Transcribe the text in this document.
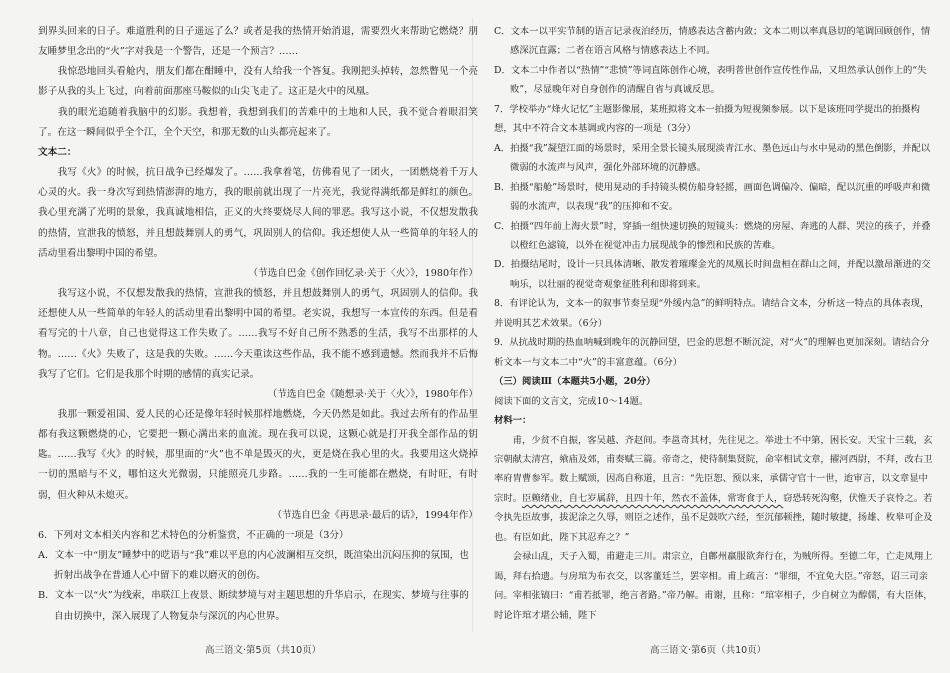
到界头回来的日子。难道胜利的日子遥远了么？或者是我的热情开始消退，需要烈火来帮助它燃烧？朋友睡梦里念出的“火”字对我是一个警告，还是一个预言？……

　　我惊恐地回头看舱内，朋友们都在酣睡中，没有人给我一个答复。我刚把头掉转，忽然瞥见一个亮影子从我的头上飞过，向着前面那座马鞍似的山尖飞走了。这正是火中的凤凰。

　　我的眼光追随着我脑中的幻影。我想着，我想到我们的苦难中的土地和人民，我不觉合着眼泪笑了。在这一瞬间似乎全个江，全个天空，和那无数的山头都亮起来了。

文本二：

　　我写《火》的时候，抗日战争已经爆发了。……我拿着笔，仿佛看见了一团火，一团燃烧着千万人心灵的火。我一身次写到热情澎湃的地方，我的眼前就出现了一片亮光，我觉得满纸都是鲜红的颜色。我心里充满了光明的景象，我真诚地相信，正义的火终要烧尽人间的罪恶。我写这小说，不仅想发散我的热情，宣泄我的愤怒，并且想鼓舞别人的勇气，巩固别人的信仰。我还想使人从一些简单的年轻人的活动里看出黎明中国的希望。

（节选自巴金《创作回忆录·关于〈火〉》，1980年作）

　　我写这小说，不仅想发散我的热情，宣泄我的愤怒，并且想鼓舞别人的勇气，巩固别人的信仰。我还想使人从一些简单的年轻人的活动里看出黎明中国的希望。老实说，我想写一本宣传的东西。但是看看写完的十八章，自己也觉得这工作失败了。……我写不好自己所不熟悉的生活，我写不出那样的人物。……《火》失败了，这是我的失败。……今天重读这些作品，我不能不感到遗憾。然而我并不后悔我写了它们。它们是我那个时期的感情的真实记录。

（节选自巴金《随想录·关于〈火〉》，1980年作）

　　我那一颗爱祖国、爱人民的心还是像年轻时候那样地燃烧，今天仍然是如此。我过去所有的作品里都有我这颗燃烧的心，它要把一颗心满出来的血流。现在我可以说，这颗心就是打开我全部作品的钥匙。……我写《火》的时候，那里面的“火”也不单是毁灭的火，更是烧在我心里的火。我要用这火烧掉一切的黑暗与不义，哪怕这火光微弱，只能照亮几步路。……我的一生可能都在燃烧，有时旺，有时弱，但火种从未熄灭。

（节选自巴金《再思录·最后的话》，1994年作）

6．下列对文本相关内容和艺术特色的分析鉴赏，不正确的一项是（3分）

A．文本一中“朋友”睡梦中的呓语与“我”难以平息的内心波澜相互交织，既渲染出沉闷压抑的氛围，也折射出战争在普通人心中留下的难以磨灭的创伤。

B．文本一以“火”为线索，串联江上夜景、断续梦境与对主题思想的升华启示，在现实、梦境与往事的自由切换中，深入展现了人物复杂与深沉的内心世界。

高三语文·第5页（共10页）

C．文本一以平实节制的语言记录夜泊经历，情感表达含蓄内敛；文本二则以率真恳切的笔调回顾创作，情感深沉直露；二者在语言风格与情感表达上不同。

D．文本二中作者以“热情”“悲愤”等词直陈创作心境，表明普世创作宣传性作品，又坦然承认创作上的“失败”，尽显晚年对自身创作的清醒自省与真诚反思。

7．学校举办“烽火记忆”主题影像展，某班拟将文本一拍摄为短视频参展。以下是该班同学提出的拍摄构想，其中不符合文本基调或内容的一项是（3分）

A．拍摄“我”凝望江面的场景时，采用全景长镜头展现淡青江水、墨色远山与水中晃动的黑色倒影，并配以微弱的水流声与风声，强化外部环境的沉静感。

B．拍摄“船舱”场景时，使用晃动的手持镜头模仿船身轻摇，画面色调偏冷、偏暗，配以沉重的呼吸声和微弱的水流声，以表现“我”的压抑和不安。

C．拍摄“四年前上海火景”时，穿插一组快速切换的短镜头：燃烧的房屋、奔逃的人群、哭泣的孩子，并叠以橙红色滤镜，以外在视觉冲击力展现战争的惨烈和民族的苦难。

D．拍摄结尾时，设计一只具体清晰、散发着璀璨金光的凤凰长时间盘桓在群山之间，并配以激昂渐进的交响乐，以壮丽的视觉奇观象征胜利和即将到来。

8．有评论认为，文本一的叙事节奏呈现“外缓内急”的鲜明特点。请结合文本，分析这一特点的具体表现，并说明其艺术效果。（6分）

9．从抗战时期的热血呐喊到晚年的沉静回望，巴金的思想不断沉淀，对“火”的理解也更加深刻。请结合分析文本一与文本二中“火”的丰富意蕴。（6分）

（三）阅读Ⅲ（本题共5小题，20分）

阅读下面的文言文，完成10～14题。

材料一：

　　甫，少贫不自振，客吴越、齐赵间。李邕奇其材，先往见之。举进士不中第，困长安。天宝十三载，玄宗朝献太清宫，飨庙及郊，甫奏赋三篇。帝奇之，使待制集贤院，命宰相试文章，擢河西尉，不拜，改右卫率府胄曹参军。数上赋颂，因高自称道，且言：“先臣恕、预以来，承儒守官十一世，迨审言，以文章显中宗时。臣赖绪业，自七岁属辞，且四十年，然衣不盖体，常寄食于人，窃恐转死沟壑，伏惟天子哀怜之。若令执先臣故事，拔泥涂之久辱，则臣之述作，虽不足鼓吹六经，至沉郁顿挫，随时敏捷，扬雄、枚皋可企及也。有臣如此，陛下其忍弃之？”

　　会禄山乱，天子入蜀，甫避走三川。肃宗立，自鄜州羸服欲奔行在，为贼所得。至德二年，亡走凤翔上谒，拜右拾遗。与房琯为布衣交，以客董廷兰，罢宰相。甫上疏言：“罪细，不宜免大臣。”帝怒，诏三司亲问。宰相张镐曰：“甫若抵罪，绝言者路。”帝乃解。甫谢，且称：“琯宰相子，少自树立为醇儒，有大臣体，时论许琯才堪公辅，陛下

高三语文·第6页（共10页）
